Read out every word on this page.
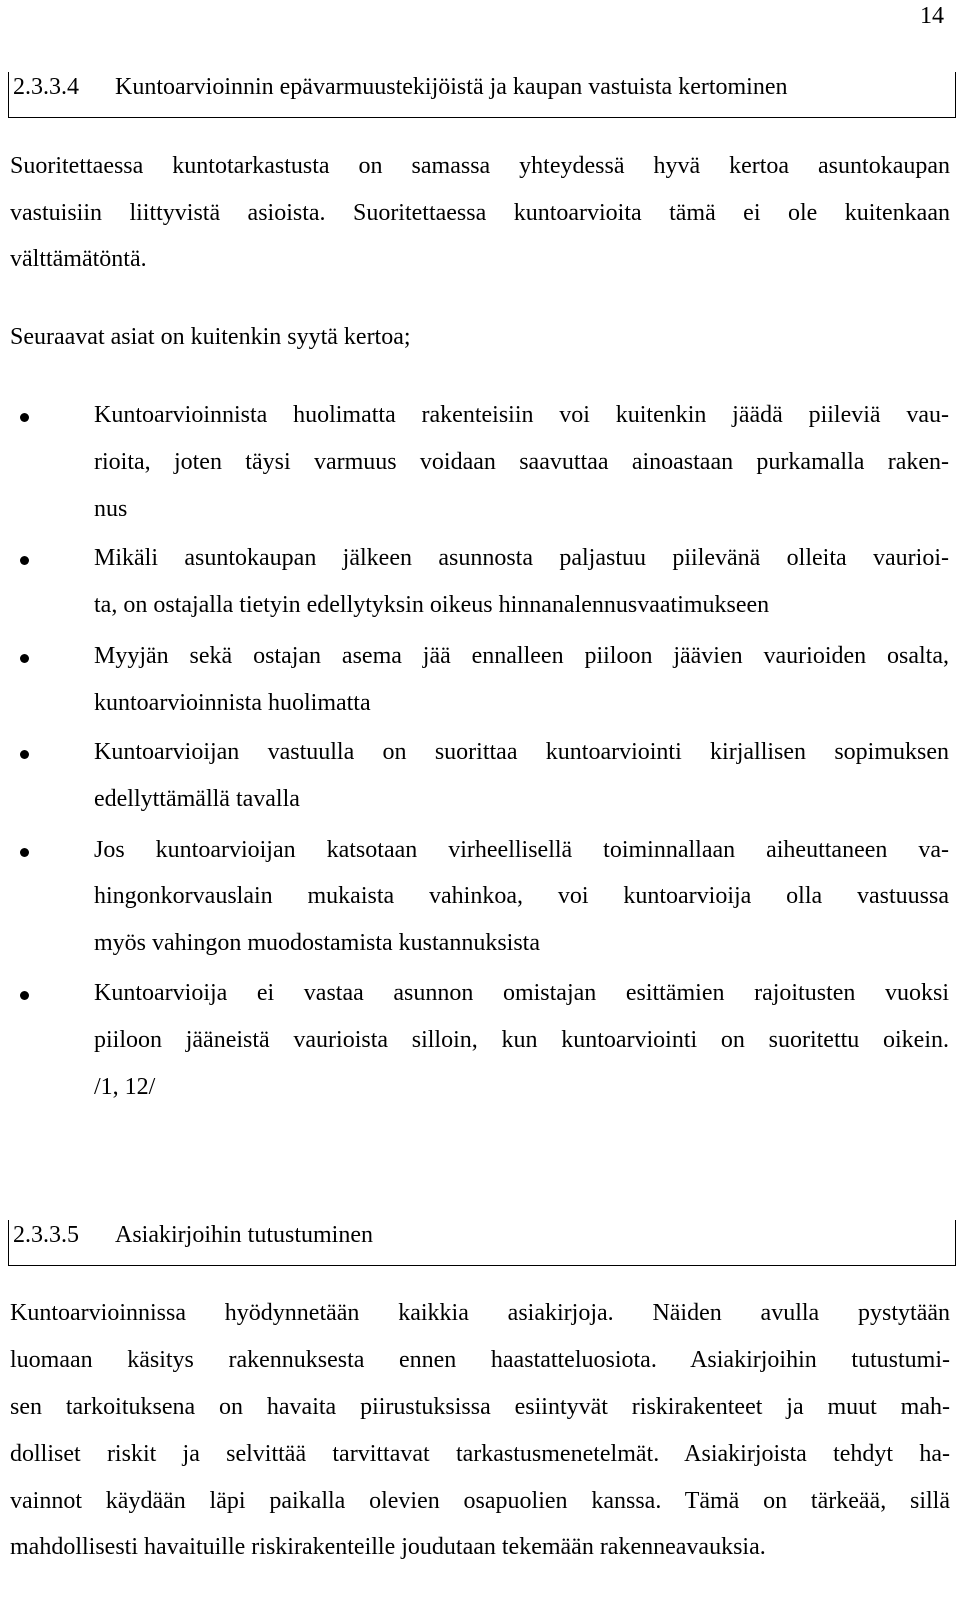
14
2.3.3.4 Kuntoarvioinnin epävarmuustekijöistä ja kaupan vastuista kertominen
Suoritettaessa kuntotarkastusta on samassa yhteydessä hyvä kertoa asuntokaupan
vastuisiin liittyvistä asioista. Suoritettaessa kuntoarvioita tämä ei ole kuitenkaan
välttämätöntä.
Seuraavat asiat on kuitenkin syytä kertoa;
Kuntoarvioinnista huolimatta rakenteisiin voi kuitenkin jäädä piileviä vau-
rioita, joten täysi varmuus voidaan saavuttaa ainoastaan purkamalla raken-
nus
Mikäli asuntokaupan jälkeen asunnosta paljastuu piilevänä olleita vaurioi-
ta, on ostajalla tietyin edellytyksin oikeus hinnanalennusvaatimukseen
Myyjän sekä ostajan asema jää ennalleen piiloon jäävien vaurioiden osalta,
kuntoarvioinnista huolimatta
Kuntoarvioijan vastuulla on suorittaa kuntoarviointi kirjallisen sopimuksen
edellyttämällä tavalla
Jos kuntoarvioijan katsotaan virheellisellä toiminnallaan aiheuttaneen va-
hingonkorvauslain mukaista vahinkoa, voi kuntoarvioija olla vastuussa
myös vahingon muodostamista kustannuksista
Kuntoarvioija ei vastaa asunnon omistajan esittämien rajoitusten vuoksi
piiloon jääneistä vaurioista silloin, kun kuntoarviointi on suoritettu oikein.
/1, 12/
2.3.3.5 Asiakirjoihin tutustuminen
Kuntoarvioinnissa hyödynnetään kaikkia asiakirjoja. Näiden avulla pystytään
luomaan käsitys rakennuksesta ennen haastatteluosiota. Asiakirjoihin tutustumi-
sen tarkoituksena on havaita piirustuksissa esiintyvät riskirakenteet ja muut mah-
dolliset riskit ja selvittää tarvittavat tarkastusmenetelmät. Asiakirjoista tehdyt ha-
vainnot käydään läpi paikalla olevien osapuolien kanssa. Tämä on tärkeää, sillä
mahdollisesti havaituille riskirakenteille joudutaan tekemään rakenneavauksia.
